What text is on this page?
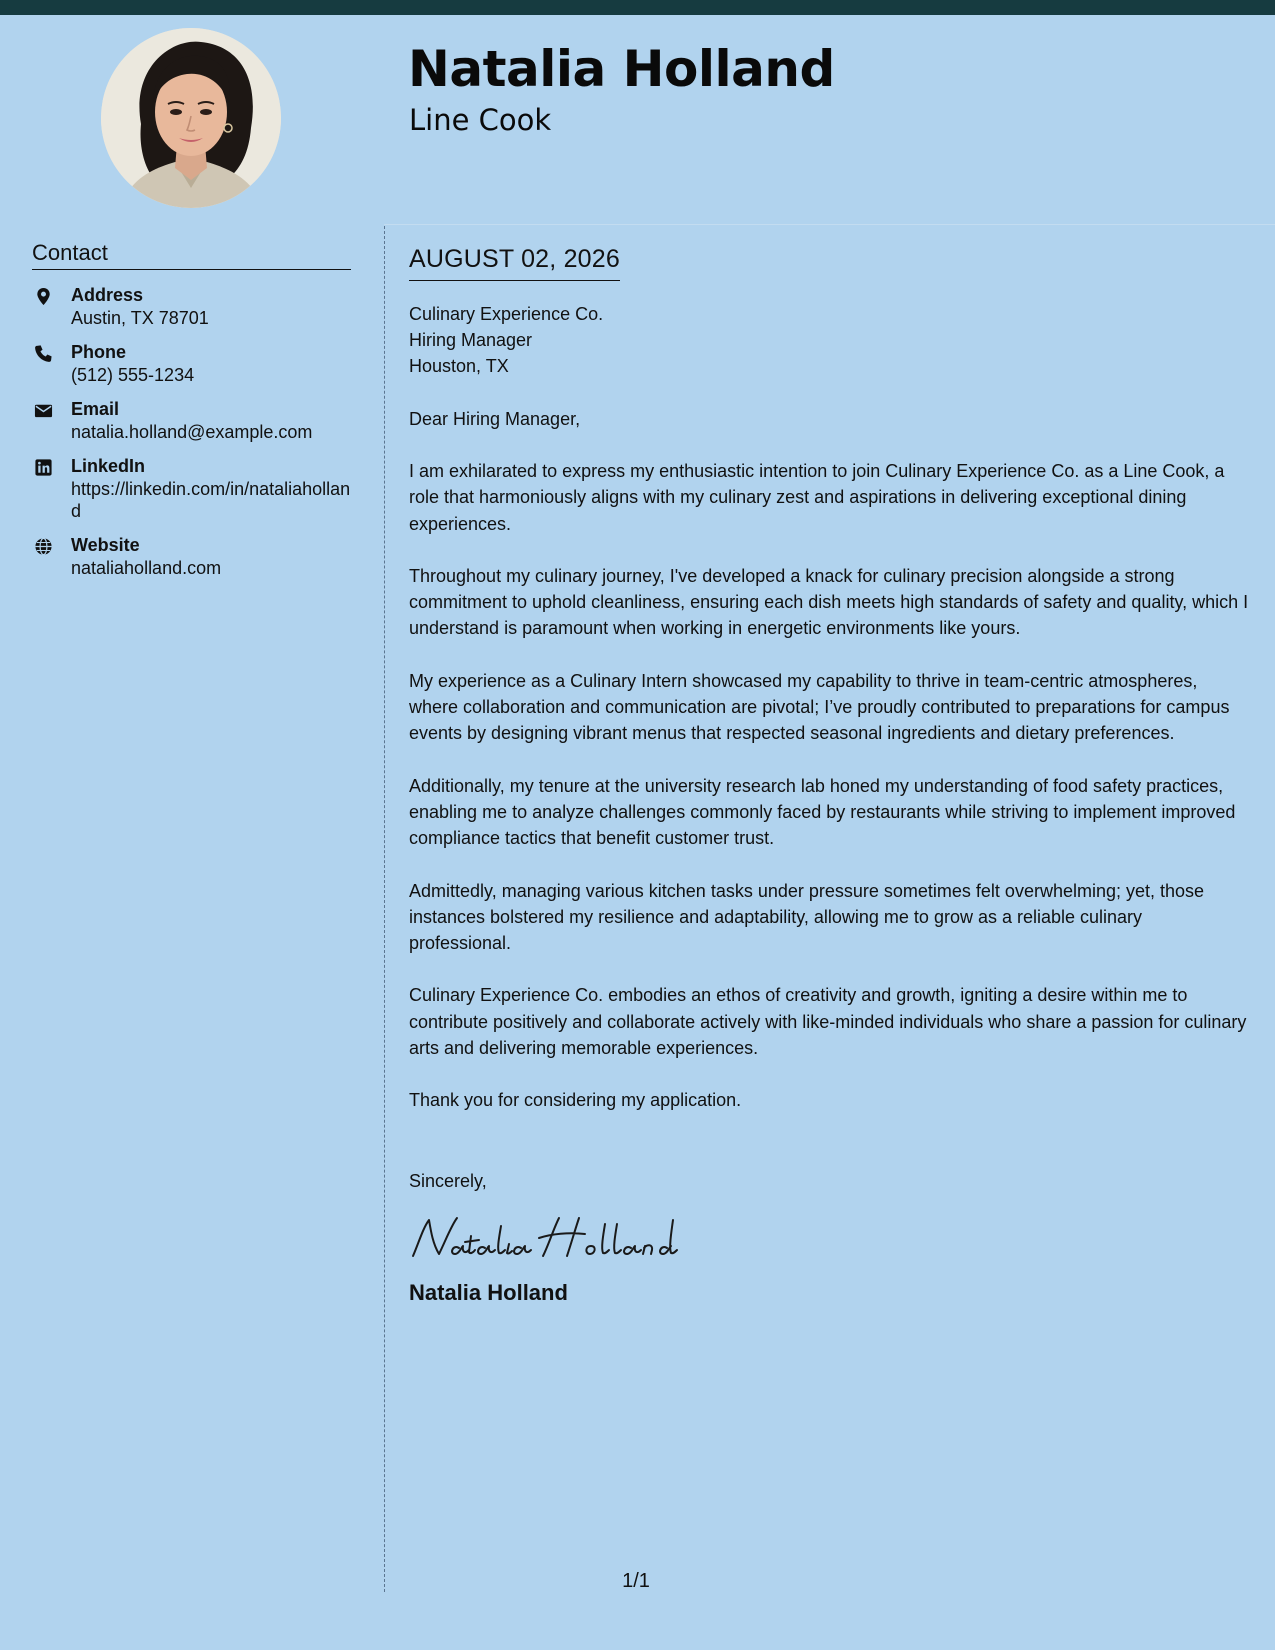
Natalia Holland
Line Cook
Contact
Address
Austin, TX 78701
Phone
(512) 555-1234
Email
natalia.holland@example.com
LinkedIn
https://linkedin.com/in/nataliaholland
Website
nataliaholland.com
AUGUST 02, 2026
Culinary Experience Co.
Hiring Manager
Houston, TX
Dear Hiring Manager,

I am exhilarated to express my enthusiastic intention to join Culinary Experience Co. as a Line Cook, a role that harmoniously aligns with my culinary zest and aspirations in delivering exceptional dining experiences.

Throughout my culinary journey, I've developed a knack for culinary precision alongside a strong commitment to uphold cleanliness, ensuring each dish meets high standards of safety and quality, which I understand is paramount when working in energetic environments like yours.

My experience as a Culinary Intern showcased my capability to thrive in team-centric atmospheres, where collaboration and communication are pivotal; I’ve proudly contributed to preparations for campus events by designing vibrant menus that respected seasonal ingredients and dietary preferences.

Additionally, my tenure at the university research lab honed my understanding of food safety practices, enabling me to analyze challenges commonly faced by restaurants while striving to implement improved compliance tactics that benefit customer trust.

Admittedly, managing various kitchen tasks under pressure sometimes felt overwhelming; yet, those instances bolstered my resilience and adaptability, allowing me to grow as a reliable culinary professional.

Culinary Experience Co. embodies an ethos of creativity and growth, igniting a desire within me to contribute positively and collaborate actively with like-minded individuals who share a passion for culinary arts and delivering memorable experiences.

Thank you for considering my application.

Sincerely,
Natalia Holland
1/1
